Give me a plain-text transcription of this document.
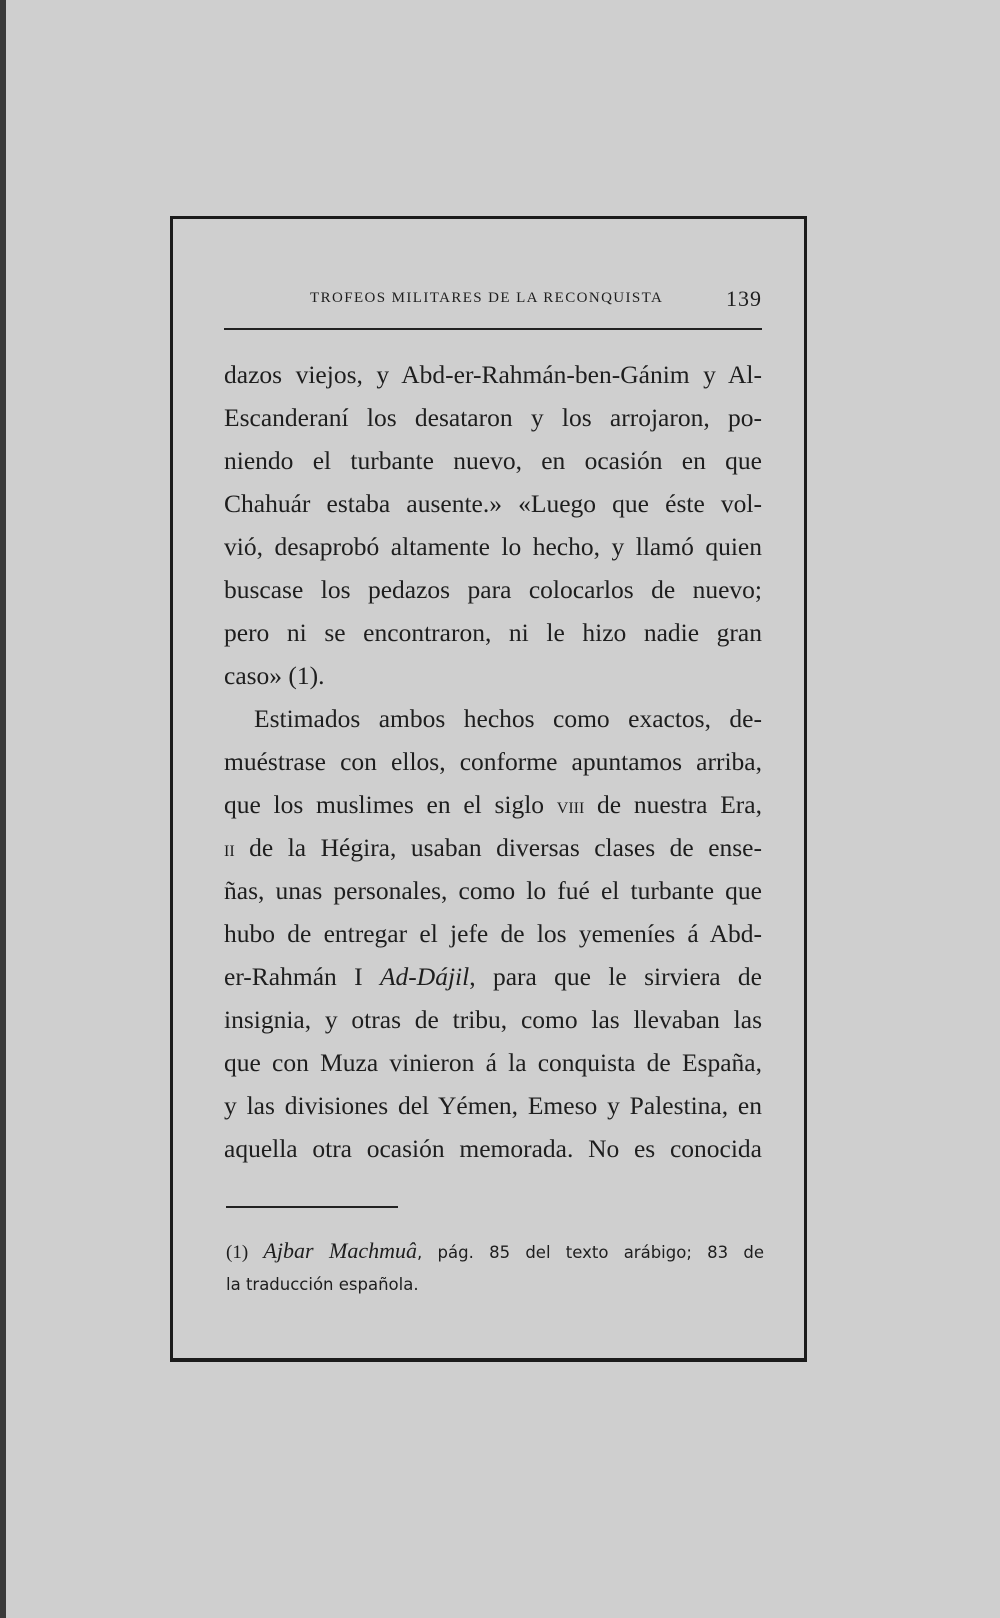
TROFEOS MILITARES DE LA RECONQUISTA	139
dazos viejos, y Abd-er-Rahmán-ben-Gánim y Al-
Escanderaní los desataron y los arrojaron, po-
niendo el turbante nuevo, en ocasión en que
Chahuár estaba ausente.» «Luego que éste vol-
vió, desaprobó altamente lo hecho, y llamó quien
buscase los pedazos para colocarlos de nuevo;
pero ni se encontraron, ni le hizo nadie gran
caso» (1).
Estimados ambos hechos como exactos, de-
muéstrase con ellos, conforme apuntamos arriba,
que los muslimes en el siglo viii de nuestra Era,
ii de la Hégira, usaban diversas clases de ense-
ñas, unas personales, como lo fué el turbante que
hubo de entregar el jefe de los yemeníes á Abd-
er-Rahmán I Ad-Dájil, para que le sirviera de
insignia, y otras de tribu, como las llevaban las
que con Muza vinieron á la conquista de España,
y las divisiones del Yémen, Emeso y Palestina, en
aquella otra ocasión memorada. No es conocida
(1) Ajbar Machmuâ, pág. 85 del texto arábigo; 83 de
la traducción española.
